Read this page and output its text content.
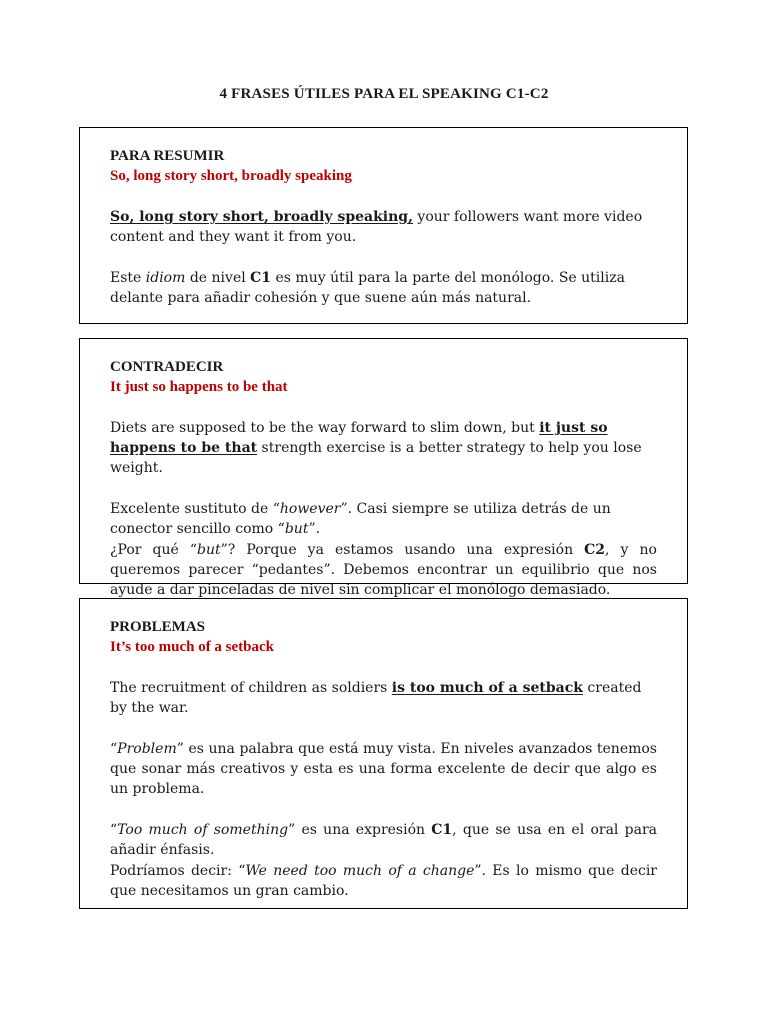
4 FRASES ÚTILES PARA EL SPEAKING C1-C2
PARA RESUMIR
So, long story short, broadly speaking
So, long story short, broadly speaking, your followers want more video content and they want it from you.
Este idiom de nivel C1 es muy útil para la parte del monólogo. Se utiliza delante para añadir cohesión y que suene aún más natural.
CONTRADECIR
It just so happens to be that
Diets are supposed to be the way forward to slim down, but it just so happens to be that strength exercise is a better strategy to help you lose weight.
Excelente sustituto de “however”. Casi siempre se utiliza detrás de un conector sencillo como “but”.
¿Por qué “but”? Porque ya estamos usando una expresión C2, y no queremos parecer “pedantes”. Debemos encontrar un equilibrio que nos ayude a dar pinceladas de nivel sin complicar el monólogo demasiado.
PROBLEMAS
It’s too much of a setback
The recruitment of children as soldiers is too much of a setback created by the war.
“Problem” es una palabra que está muy vista. En niveles avanzados tenemos que sonar más creativos y esta es una forma excelente de decir que algo es un problema.
“Too much of something” es una expresión C1, que se usa en el oral para añadir énfasis.
Podríamos decir: “We need too much of a change”. Es lo mismo que decir que necesitamos un gran cambio.
